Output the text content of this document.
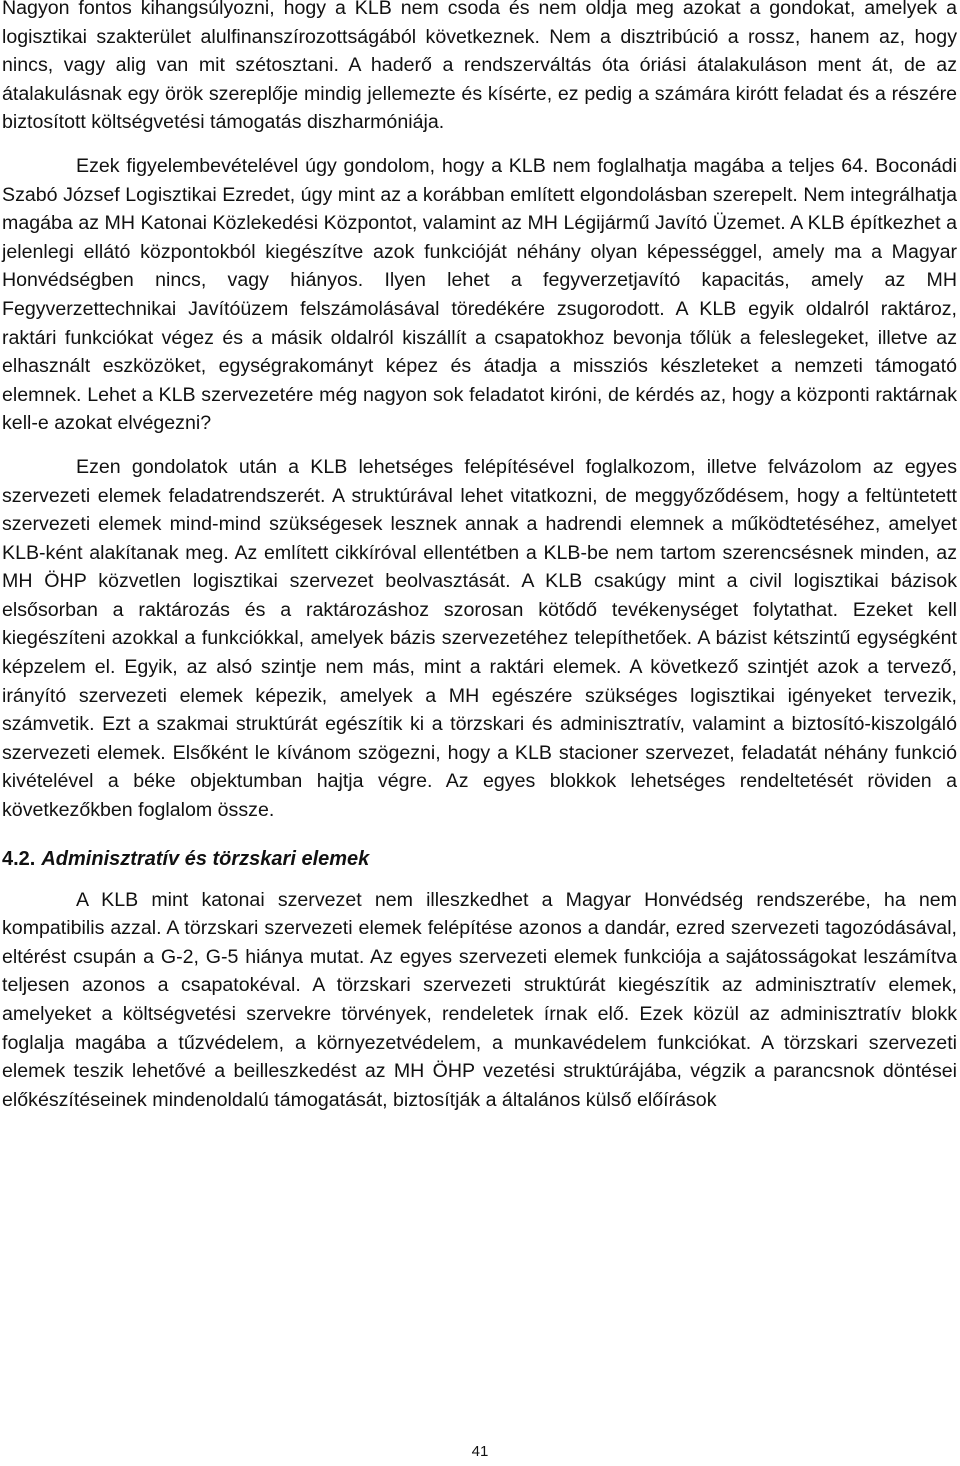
Nagyon fontos kihangsúlyozni, hogy a KLB nem csoda és nem oldja meg azokat a gondokat, amelyek a logisztikai szakterület alulfinanszírozottságából következnek. Nem a disztribúció a rossz, hanem az, hogy nincs, vagy alig van mit szétosztani. A haderő a rendszerváltás óta óriási átalakuláson ment át, de az átalakulásnak egy örök szereplője mindig jellemezte és kísérte, ez pedig a számára kirótt feladat és a részére biztosított költségvetési támogatás diszharmóniája.

Ezek figyelembevételével úgy gondolom, hogy a KLB nem foglalhatja magába a teljes 64. Boconádi Szabó József Logisztikai Ezredet, úgy mint az a korábban említett elgondolásban szerepelt. Nem integrálhatja magába az MH Katonai Közlekedési Központot, valamint az MH Légijármű Javító Üzemet. A KLB építkezhet a jelenlegi ellátó központokból kiegészítve azok funkcióját néhány olyan képességgel, amely ma a Magyar Honvédségben nincs, vagy hiányos. Ilyen lehet a fegyverzetjavító kapacitás, amely az MH Fegyverzettechnikai Javítóüzem felszámolásával töredékére zsugorodott. A KLB egyik oldalról raktároz, raktári funkciókat végez és a másik oldalról kiszállít a csapatokhoz bevonja tőlük a feleslegeket, illetve az elhasznált eszközöket, egységrakományt képez és átadja a missziós készleteket a nemzeti támogató elemnek. Lehet a KLB szervezetére még nagyon sok feladatot kiróni, de kérdés az, hogy a központi raktárnak kell-e azokat elvégezni?

Ezen gondolatok után a KLB lehetséges felépítésével foglalkozom, illetve felvázolom az egyes szervezeti elemek feladatrendszerét. A struktúrával lehet vitatkozni, de meggyőződésem, hogy a feltüntetett szervezeti elemek mind-mind szükségesek lesznek annak a hadrendi elemnek a működtetéséhez, amelyet KLB-ként alakítanak meg. Az említett cikkíróval ellentétben a KLB-be nem tartom szerencsésnek minden, az MH ÖHP közvetlen logisztikai szervezet beolvasztását. A KLB csakúgy mint a civil logisztikai bázisok elsősorban a raktározás és a raktározáshoz szorosan kötődő tevékenységet folytathat. Ezeket kell kiegészíteni azokkal a funkciókkal, amelyek bázis szervezetéhez telepíthetőek. A bázist kétszintű egységként képzelem el. Egyik, az alsó szintje nem más, mint a raktári elemek. A következő szintjét azok a tervező, irányító szervezeti elemek képezik, amelyek a MH egészére szükséges logisztikai igényeket tervezik, számvetik. Ezt a szakmai struktúrát egészítik ki a törzskari és adminisztratív, valamint a biztosító-kiszolgáló szervezeti elemek. Elsőként le kívánom szögezni, hogy a KLB stacioner szervezet, feladatát néhány funkció kivételével a béke objektumban hajtja végre. Az egyes blokkok lehetséges rendeltetését röviden a következőkben foglalom össze.

4.2. Adminisztratív és törzskari elemek

A KLB mint katonai szervezet nem illeszkedhet a Magyar Honvédség rendszerébe, ha nem kompatibilis azzal. A törzskari szervezeti elemek felépítése azonos a dandár, ezred szervezeti tagozódásával, eltérést csupán a G-2, G-5 hiánya mutat. Az egyes szervezeti elemek funkciója a sajátosságokat leszámítva teljesen azonos a csapatokéval. A törzskari szervezeti struktúrát kiegészítik az adminisztratív elemek, amelyeket a költségvetési szervekre törvények, rendeletek írnak elő. Ezek közül az adminisztratív blokk foglalja magába a tűzvédelem, a környezetvédelem, a munkavédelem funkciókat. A törzskari szervezeti elemek teszik lehetővé a beilleszkedést az MH ÖHP vezetési struktúrájába, végzik a parancsnok döntései előkészítéseinek mindenoldalú támogatását, biztosítják a általános külső előírások

41
